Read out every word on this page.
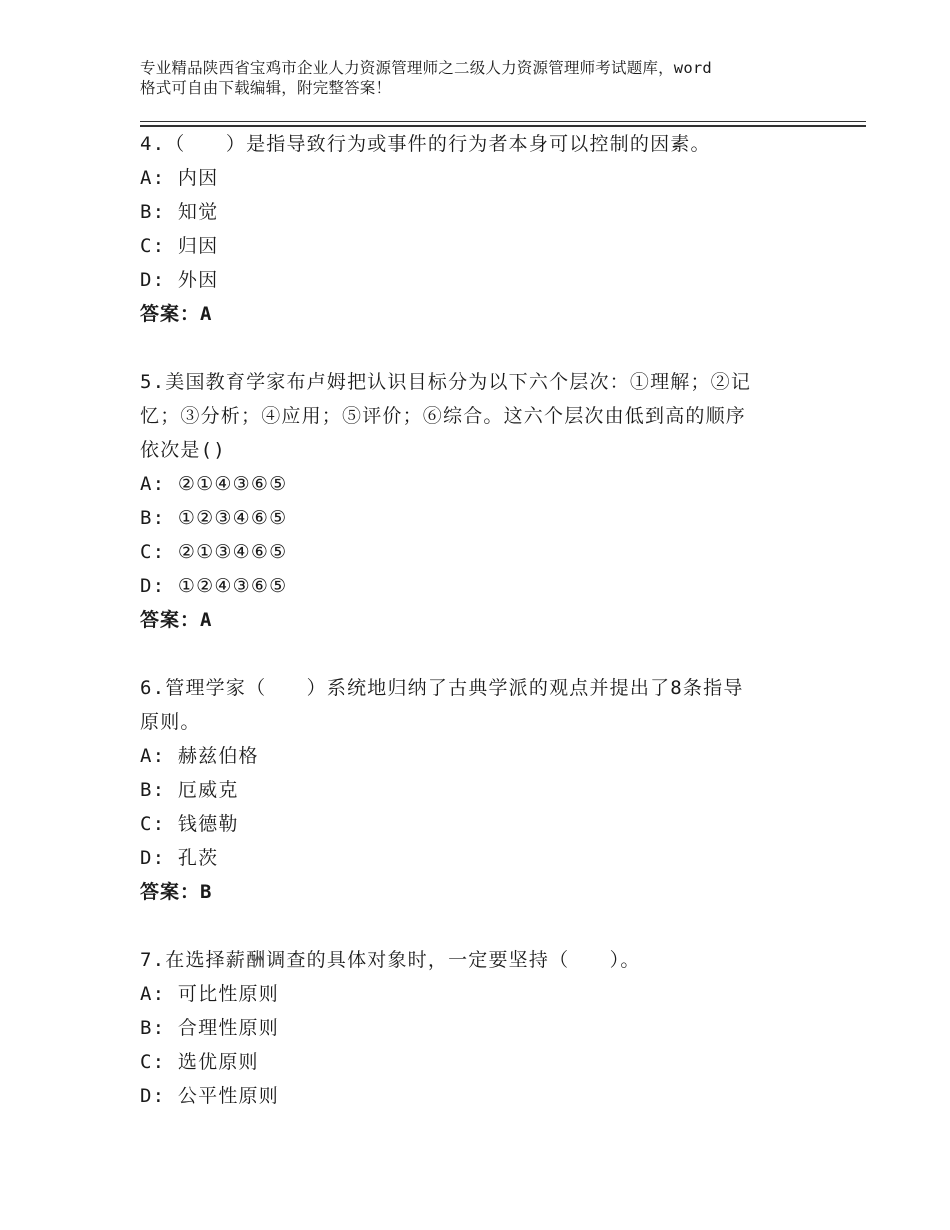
专业精品陕西省宝鸡市企业人力资源管理师之二级人力资源管理师考试题库，word
格式可自由下载编辑，附完整答案！
4.（　　）是指导致行为或事件的行为者本身可以控制的因素。
A: 内因
B: 知觉
C: 归因
D: 外因
答案：A
5.美国教育学家布卢姆把认识目标分为以下六个层次：①理解；②记
忆；③分析；④应用；⑤评价；⑥综合。这六个层次由低到高的顺序
依次是()
A: ②①④③⑥⑤
B: ①②③④⑥⑤
C: ②①③④⑥⑤
D: ①②④③⑥⑤
答案：A
6.管理学家（　　）系统地归纳了古典学派的观点并提出了8条指导
原则。
A: 赫兹伯格
B: 厄威克
C: 钱德勒
D: 孔茨
答案：B
7.在选择薪酬调查的具体对象时，一定要坚持（　　）。
A: 可比性原则
B: 合理性原则
C: 选优原则
D: 公平性原则
